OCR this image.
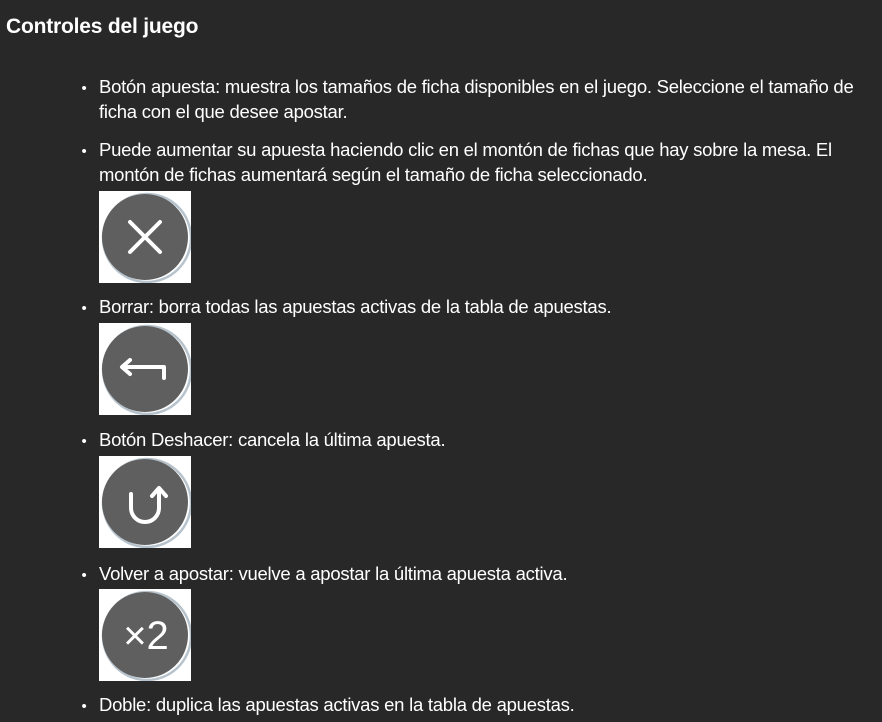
Controles del juego
• Botón apuesta: muestra los tamaños de ficha disponibles en el juego. Seleccione el tamaño de ficha con el que desee apostar.
• Puede aumentar su apuesta haciendo clic en el montón de fichas que hay sobre la mesa. El montón de fichas aumentará según el tamaño de ficha seleccionado.
• Borrar: borra todas las apuestas activas de la tabla de apuestas.
• Botón Deshacer: cancela la última apuesta.
• Volver a apostar: vuelve a apostar la última apuesta activa.
×2
• Doble: duplica las apuestas activas en la tabla de apuestas.
